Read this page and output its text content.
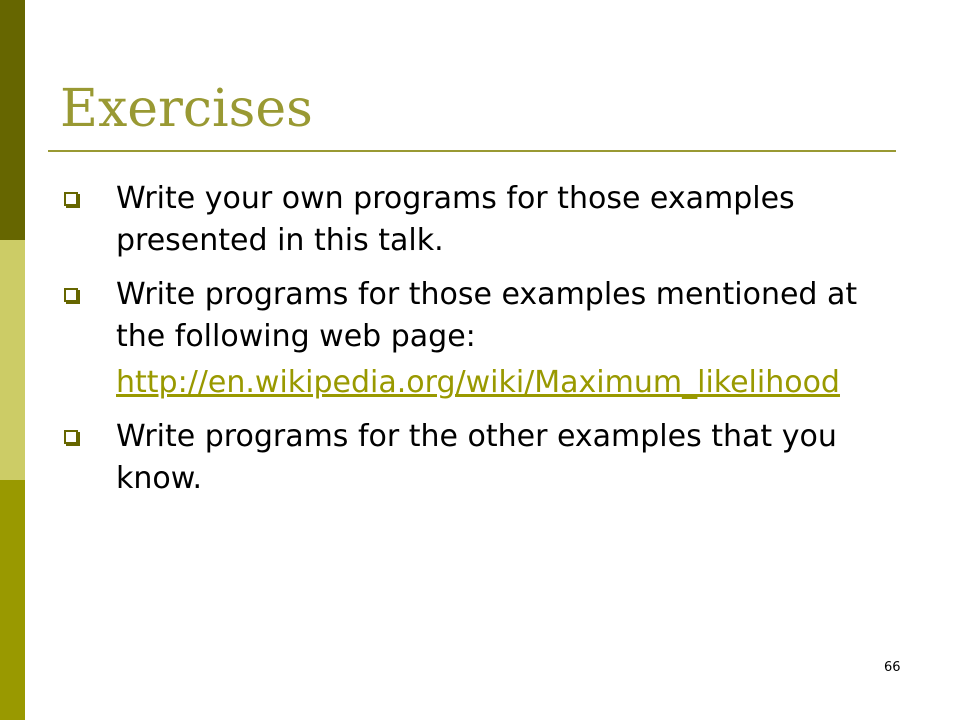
Exercises
Write your own programs for those examples presented in this talk.
Write programs for those examples mentioned at the following web page:
http://en.wikipedia.org/wiki/Maximum_likelihood
Write programs for the other examples that you know.
66
